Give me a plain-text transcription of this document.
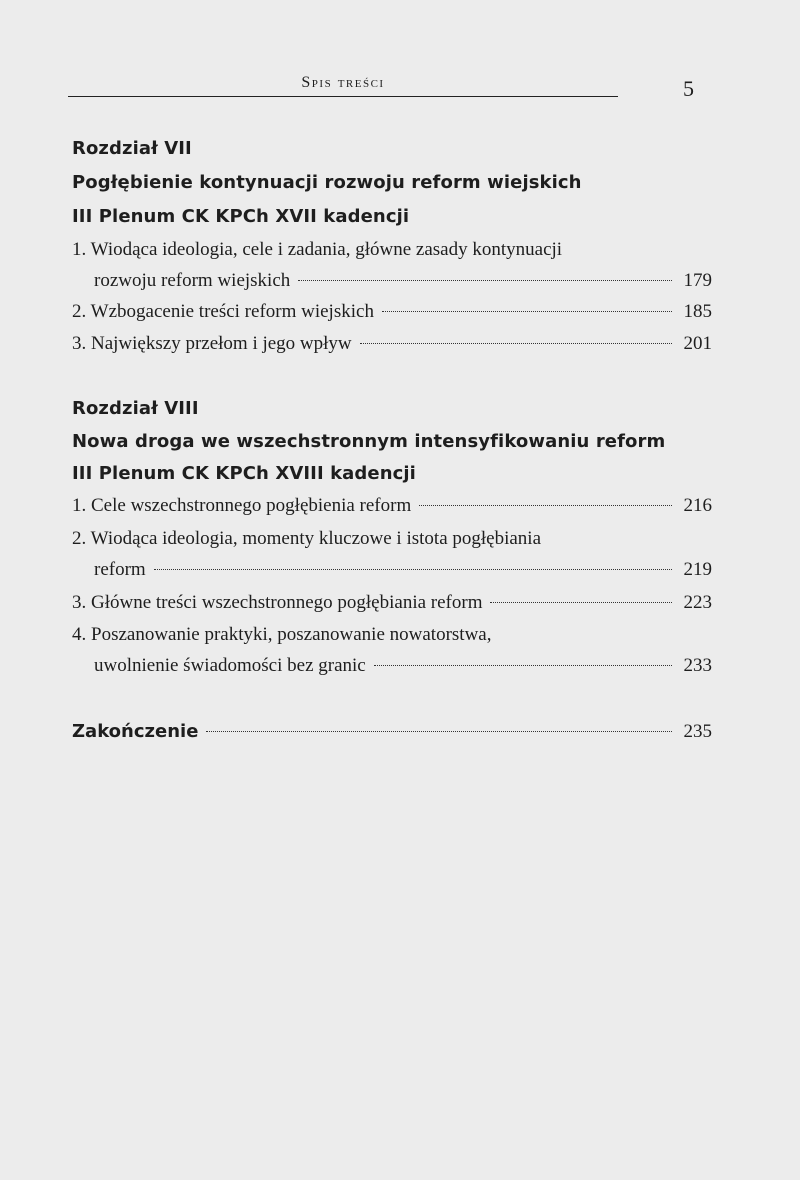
Spis treści	5
Rozdział VII
Pogłębienie kontynuacji rozwoju reform wiejskich
III Plenum CK KPCh XVII kadencji
1. Wiodąca ideologia, cele i zadania, główne zasady kontynuacji
rozwoju reform wiejskich	179
2. Wzbogacenie treści reform wiejskich	185
3. Największy przełom i jego wpływ	201
Rozdział VIII
Nowa droga we wszechstronnym intensyfikowaniu reform
III Plenum CK KPCh XVIII kadencji
1. Cele wszechstronnego pogłębienia reform	216
2. Wiodąca ideologia, momenty kluczowe i istota pogłębiania
reform	219
3. Główne treści wszechstronnego pogłębiania reform	223
4. Poszanowanie praktyki, poszanowanie nowatorstwa,
uwolnienie świadomości bez granic	233
Zakończenie	235
